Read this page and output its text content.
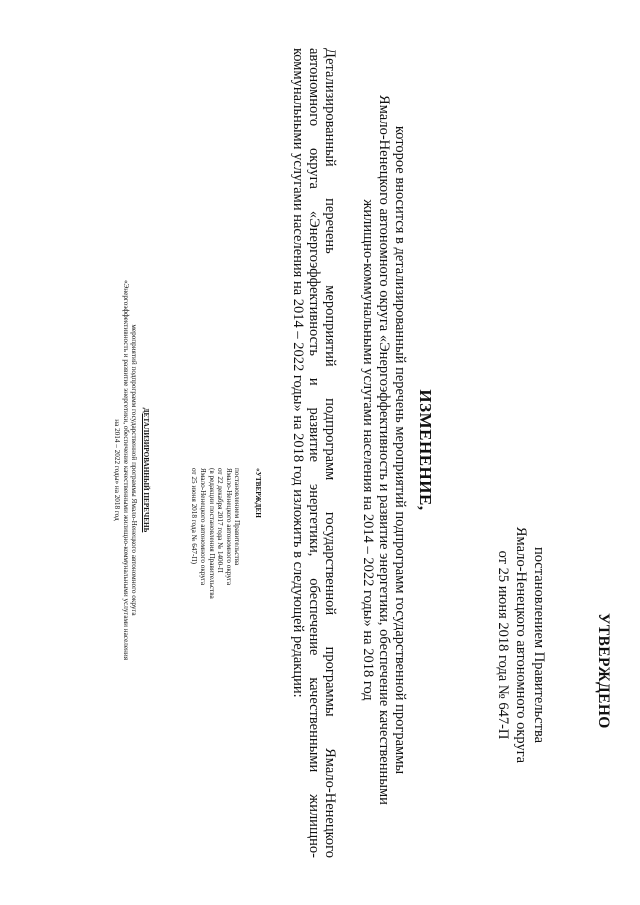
УТВЕРЖДЕНО
постановлением Правительства
Ямало-Ненецкого автономного округа
от 25 июня 2018 года № 647-П
ИЗМЕНЕНИЕ,
которое вносится в детализированный перечень мероприятий подпрограмм государственной программы
Ямало-Ненецкого автономного округа «Энергоэффективность и развитие энергетики, обеспечение качественными
жилищно-коммунальными услугами населения на 2014 – 2022 годы» на 2018 год
Детализированный
перечень
мероприятий
подпрограмм
государственной
программы
Ямало-Ненецкого
автономного
округа
«Энергоэффективность
и
развитие
энергетики,
обеспечение
качественными
жилищно-
коммунальными услугами населения на 2014 – 2022 годы» на 2018 год изложить в следующей редакции:
«УТВЕРЖДЕН
постановлением Правительства
Ямало-Ненецкого автономного округа
от 22 декабря 2017 года № 1400-П
(в редакции постановления Правительства
Ямало-Ненецкого автономного округа
от 25 июня 2018 года № 647-П)
ДЕТАЛИЗИРОВАННЫЙ ПЕРЕЧЕНЬ
мероприятий подпрограмм государственной программы Ямало-Ненецкого автономного округа
«Энергоэффективность и развитие энергетики, обеспечение качественными жилищно-коммунальными услугами населения
на 2014 – 2022 годы» на 2018 год
